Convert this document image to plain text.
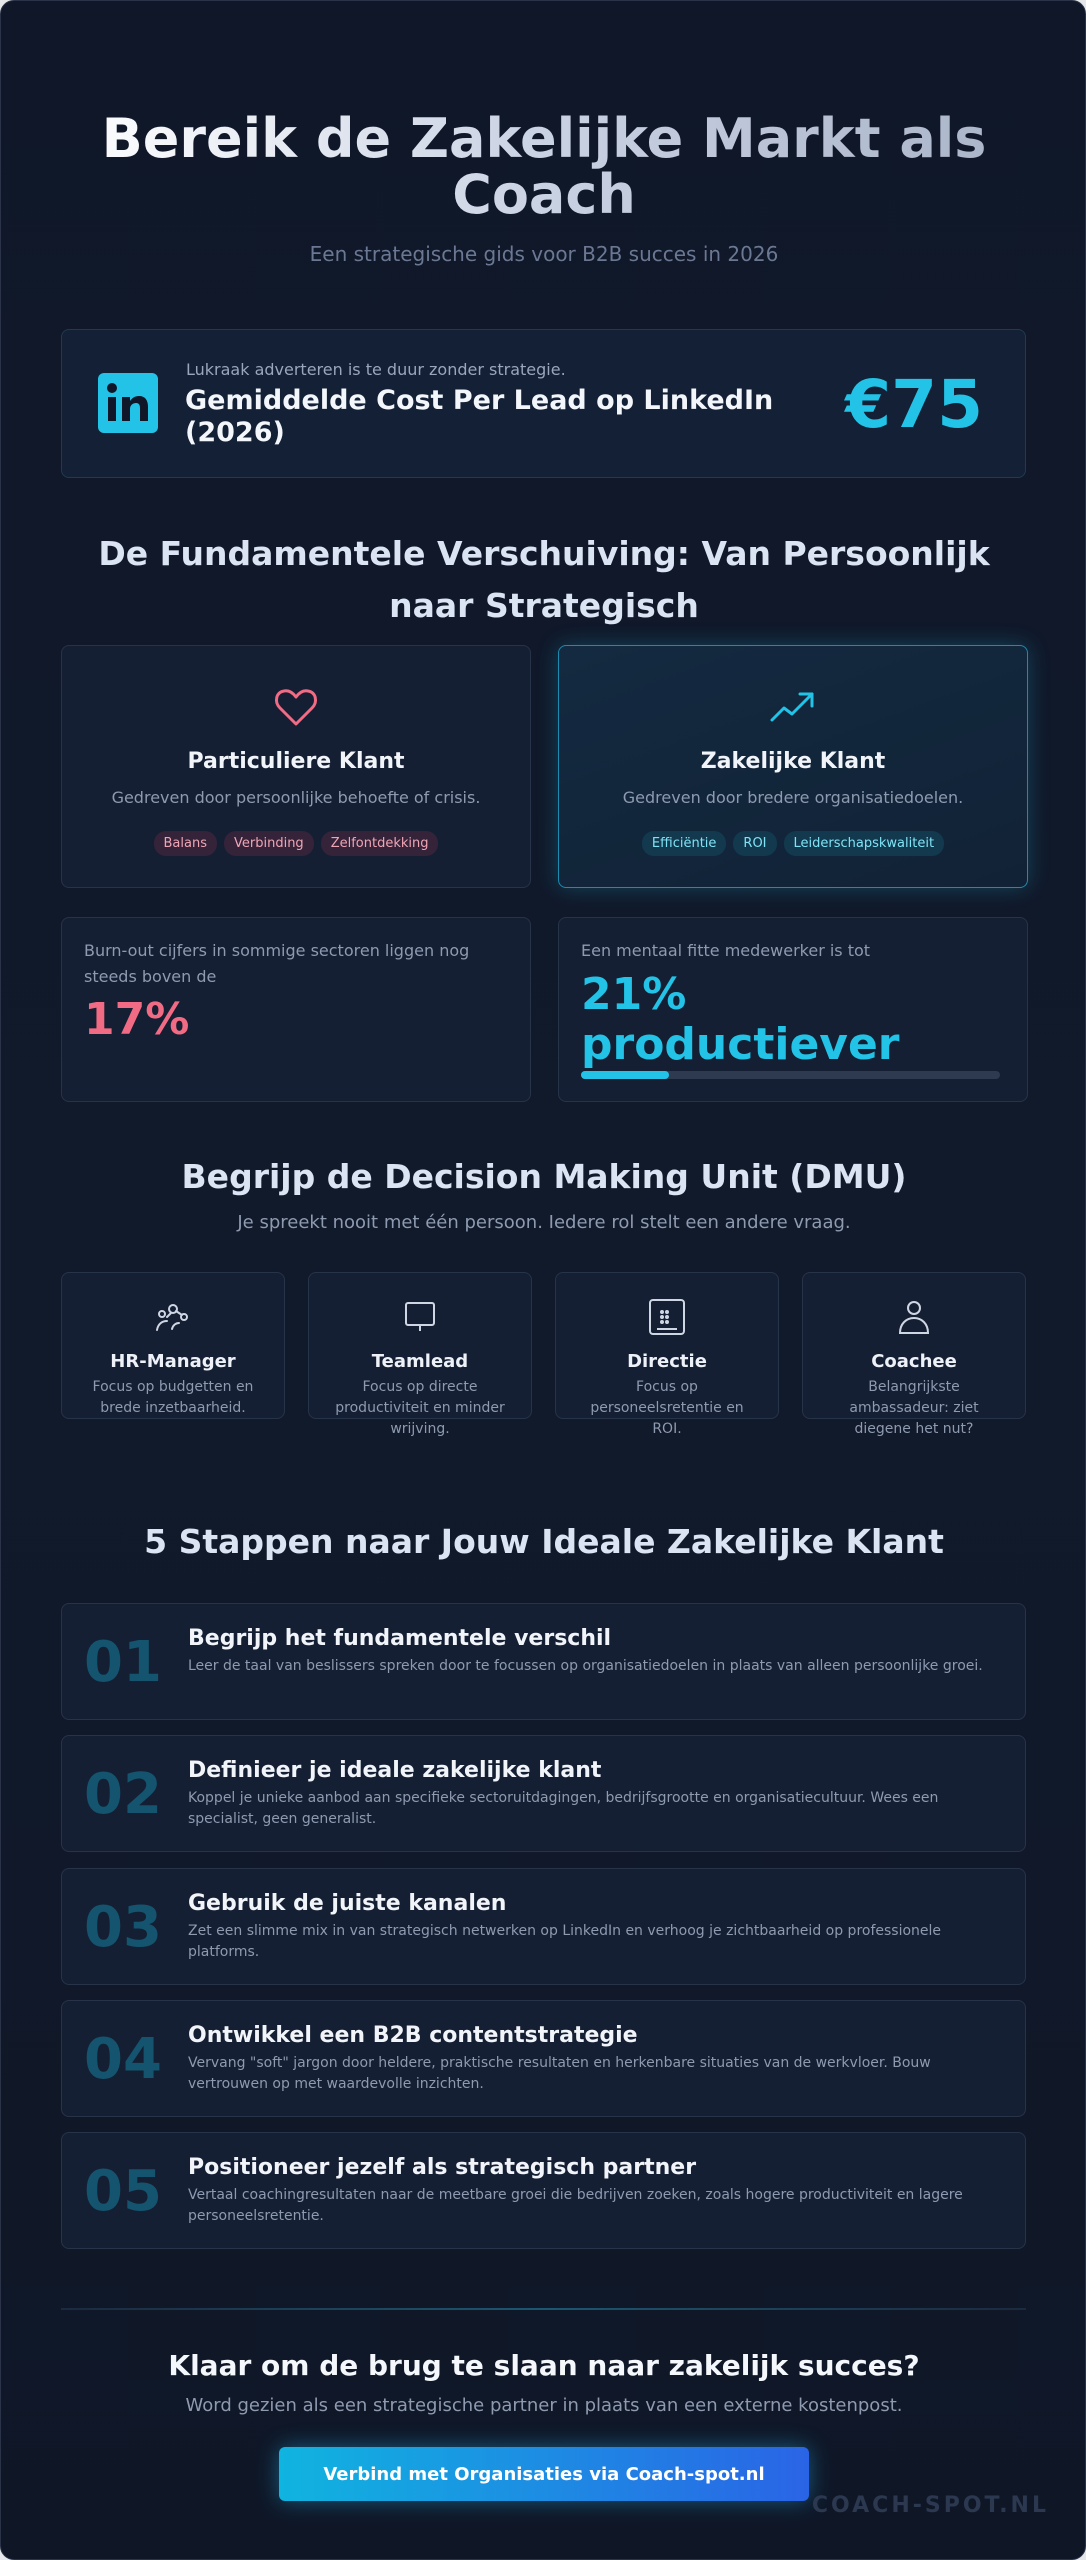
Bereik de Zakelijke Markt als Coach
Een strategische gids voor B2B succes in 2026
Lukraak adverteren is te duur zonder strategie.
Gemiddelde Cost Per Lead op LinkedIn (2026)	€75
De Fundamentele Verschuiving: Van Persoonlijk naar Strategisch
Particuliere Klant
Gedreven door persoonlijke behoefte of crisis.
Balans	Verbinding	Zelfontdekking
Zakelijke Klant
Gedreven door bredere organisatiedoelen.
Efficiëntie	ROI	Leiderschapskwaliteit
Burn-out cijfers in sommige sectoren liggen nog steeds boven de
17%
Een mentaal fitte medewerker is tot
21% productiever
Begrijp de Decision Making Unit (DMU)
Je spreekt nooit met één persoon. Iedere rol stelt een andere vraag.
HR-Manager
Focus op budgetten en brede inzetbaarheid.
Teamlead
Focus op directe productiviteit en minder wrijving.
Directie
Focus op personeelsretentie en ROI.
Coachee
Belangrijkste ambassadeur: ziet diegene het nut?
5 Stappen naar Jouw Ideale Zakelijke Klant
01 Begrijp het fundamentele verschil
Leer de taal van beslissers spreken door te focussen op organisatiedoelen in plaats van alleen persoonlijke groei.
02 Definieer je ideale zakelijke klant
Koppel je unieke aanbod aan specifieke sectoruitdagingen, bedrijfsgrootte en organisatiecultuur. Wees een specialist, geen generalist.
03 Gebruik de juiste kanalen
Zet een slimme mix in van strategisch netwerken op LinkedIn en verhoog je zichtbaarheid op professionele platforms.
04 Ontwikkel een B2B contentstrategie
Vervang "soft" jargon door heldere, praktische resultaten en herkenbare situaties van de werkvloer. Bouw vertrouwen op met waardevolle inzichten.
05 Positioneer jezelf als strategisch partner
Vertaal coachingresultaten naar de meetbare groei die bedrijven zoeken, zoals hogere productiviteit en lagere personeelsretentie.
Klaar om de brug te slaan naar zakelijk succes?
Word gezien als een strategische partner in plaats van een externe kostenpost.
Verbind met Organisaties via Coach-spot.nl
COACH-SPOT.NL
